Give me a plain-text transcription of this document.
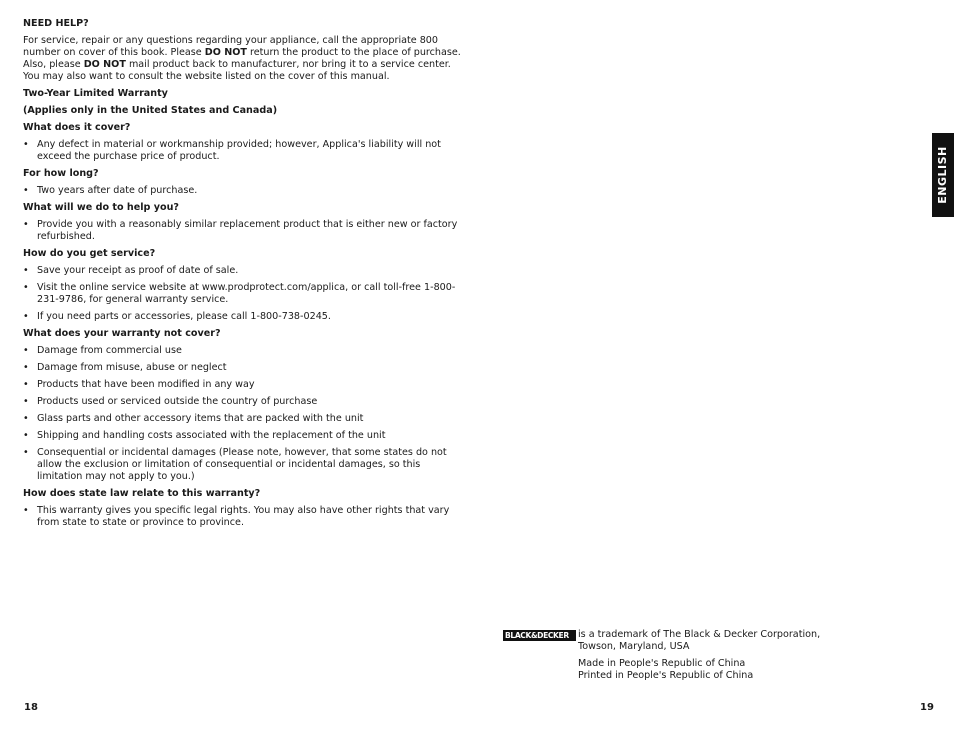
NEED HELP?

For service, repair or any questions regarding your appliance, call the appropriate 800 number on cover of this book. Please DO NOT return the product to the place of purchase. Also, please DO NOT mail product back to manufacturer, nor bring it to a service center. You may also want to consult the website listed on the cover of this manual.

Two-Year Limited Warranty
(Applies only in the United States and Canada)
What does it cover?
• Any defect in material or workmanship provided; however, Applica's liability will not exceed the purchase price of product.
For how long?
• Two years after date of purchase.
What will we do to help you?
• Provide you with a reasonably similar replacement product that is either new or factory refurbished.
How do you get service?
• Save your receipt as proof of date of sale.
• Visit the online service website at www.prodprotect.com/applica, or call toll-free 1-800-231-9786, for general warranty service.
• If you need parts or accessories, please call 1-800-738-0245.
What does your warranty not cover?
• Damage from commercial use
• Damage from misuse, abuse or neglect
• Products that have been modified in any way
• Products used or serviced outside the country of purchase
• Glass parts and other accessory items that are packed with the unit
• Shipping and handling costs associated with the replacement of the unit
• Consequential or incidental damages (Please note, however, that some states do not allow the exclusion or limitation of consequential or incidental damages, so this limitation may not apply to you.)
How does state law relate to this warranty?
• This warranty gives you specific legal rights. You may also have other rights that vary from state to state or province to province.
18
ENGLISH
BLACK&DECKER is a trademark of The Black & Decker Corporation,
Towson, Maryland, USA

Made in People's Republic of China
Printed in People's Republic of China

19
